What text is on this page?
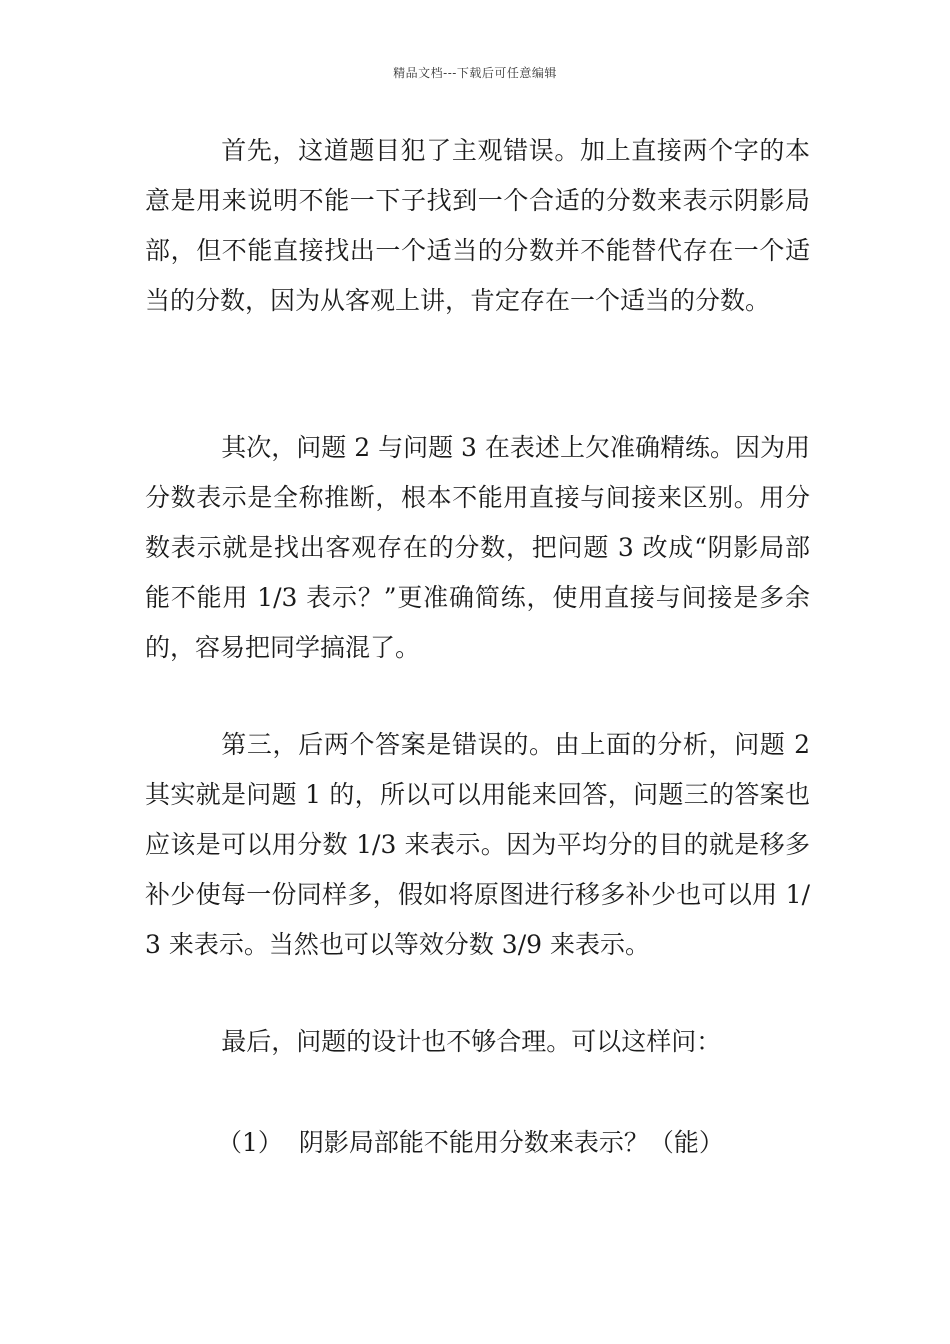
精品文档---下载后可任意编辑

首先，这道题目犯了主观错误。加上直接两个字的本意是用来说明不能一下子找到一个合适的分数来表示阴影局部，但不能直接找出一个适当的分数并不能替代存在一个适当的分数，因为从客观上讲，肯定存在一个适当的分数。

其次，问题 2 与问题 3 在表述上欠准确精练。因为用分数表示是全称推断，根本不能用直接与间接来区别。用分数表示就是找出客观存在的分数，把问题 3 改成“阴影局部能不能用 1/3 表示？”更准确简练，使用直接与间接是多余的，容易把同学搞混了。

第三，后两个答案是错误的。由上面的分析，问题 2 其实就是问题 1 的，所以可以用能来回答，问题三的答案也应该是可以用分数 1/3 来表示。因为平均分的目的就是移多补少使每一份同样多，假如将原图进行移多补少也可以用 1/3 来表示。当然也可以等效分数 3/9 来表示。

最后，问题的设计也不够合理。可以这样问：

（1） 阴影局部能不能用分数来表示？（能）
